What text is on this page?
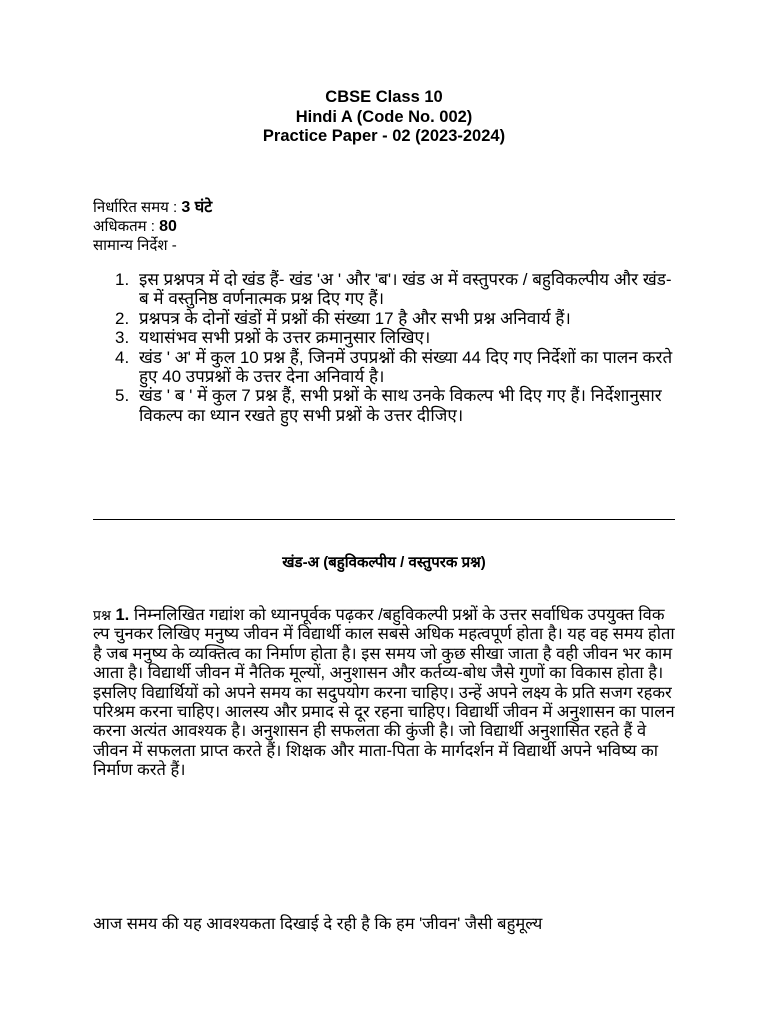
CBSE Class 10
Hindi A (Code No. 002)
Practice Paper - 02 (2023-2024)
निर्धारित समय : 3 घंटे
अधिकतम : 80
सामान्य निर्देश -
1. इस प्रश्नपत्र में दो खंड हैं- खंड 'अ ' और 'ब'। खंड अ में वस्तुपरक / बहुविकल्पीय और खंड-ब में वस्तुनिष्ठ वर्णनात्मक प्रश्न दिए गए हैं।
2. प्रश्नपत्र के दोनों खंडों में प्रश्नों की संख्या 17 है और सभी प्रश्न अनिवार्य हैं।
3. यथासंभव सभी प्रश्नों के उत्तर क्रमानुसार लिखिए।
4. खंड ' अ' में कुल 10 प्रश्न हैं, जिनमें उपप्रश्नों की संख्या 44 दिए गए निर्देशों का पालन करते हुए 40 उपप्रश्नों के उत्तर देना अनिवार्य है।
5. खंड ' ब ' में कुल 7 प्रश्न हैं, सभी प्रश्नों के साथ उनके विकल्प भी दिए गए हैं। निर्देशानुसार विकल्प का ध्यान रखते हुए सभी प्रश्नों के उत्तर दीजिए।
खंड-अ (बहुविकल्पीय / वस्तुपरक प्रश्न)
प्रश्न 1. निम्नलिखित गद्यांश को ध्यानपूर्वक पढ़कर /बहुविकल्पी प्रश्नों के उत्तर सर्वाधिक उपयुक्त विकल्प चुनकर लिखिए मनुष्य जीवन में विद्यार्थी काल सबसे अधिक महत्वपूर्ण होता है। यह वह समय होता है जब मनुष्य के व्यक्तित्व का निर्माण होता है। इस समय जो कुछ सीखा जाता है वही जीवन भर काम आता है। विद्यार्थी जीवन में नैतिक मूल्यों, अनुशासन और कर्तव्य-बोध जैसे गुणों का विकास होता है। इसलिए विद्यार्थियों को अपने समय का सदुपयोग करना चाहिए। उन्हें अपने लक्ष्य के प्रति सजग रहकर परिश्रम करना चाहिए। आलस्य और प्रमाद से दूर रहना चाहिए। विद्यार्थी जीवन में अनुशासन का पालन करना अत्यंत आवश्यक है। अनुशासन ही सफलता की कुंजी है। जो विद्यार्थी अनुशासित रहते हैं वे जीवन में सफलता प्राप्त करते हैं। शिक्षक और माता-पिता के मार्गदर्शन में विद्यार्थी अपने भविष्य का निर्माण करते हैं।
आज समय की यह आवश्यकता दिखाई दे रही है कि हम 'जीवन' जैसी बहुमूल्य
